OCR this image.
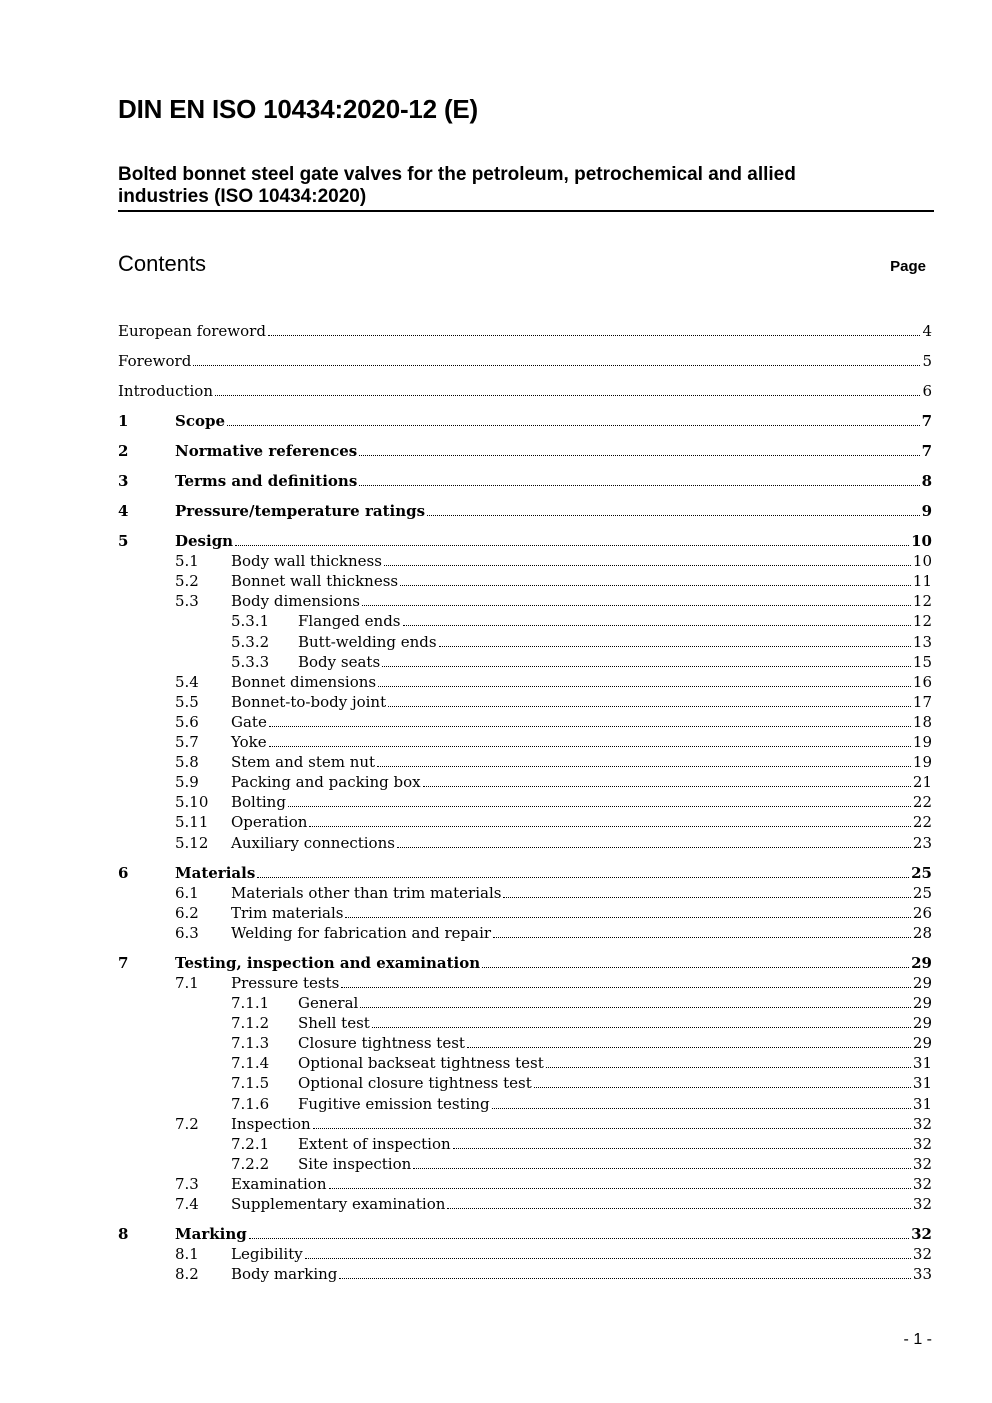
DIN EN ISO 10434:2020-12 (E)
Bolted bonnet steel gate valves for the petroleum, petrochemical and allied industries (ISO 10434:2020)
Contents	Page
European foreword	4
Foreword	5
Introduction	6
1	Scope	7
2	Normative references	7
3	Terms and definitions	8
4	Pressure/temperature ratings	9
5	Design	10
5.1	Body wall thickness	10
5.2	Bonnet wall thickness	11
5.3	Body dimensions	12
5.3.1	Flanged ends	12
5.3.2	Butt-welding ends	13
5.3.3	Body seats	15
5.4	Bonnet dimensions	16
5.5	Bonnet-to-body joint	17
5.6	Gate	18
5.7	Yoke	19
5.8	Stem and stem nut	19
5.9	Packing and packing box	21
5.10	Bolting	22
5.11	Operation	22
5.12	Auxiliary connections	23
6	Materials	25
6.1	Materials other than trim materials	25
6.2	Trim materials	26
6.3	Welding for fabrication and repair	28
7	Testing, inspection and examination	29
7.1	Pressure tests	29
7.1.1	General	29
7.1.2	Shell test	29
7.1.3	Closure tightness test	29
7.1.4	Optional backseat tightness test	31
7.1.5	Optional closure tightness test	31
7.1.6	Fugitive emission testing	31
7.2	Inspection	32
7.2.1	Extent of inspection	32
7.2.2	Site inspection	32
7.3	Examination	32
7.4	Supplementary examination	32
8	Marking	32
8.1	Legibility	32
8.2	Body marking	33
- 1 -
